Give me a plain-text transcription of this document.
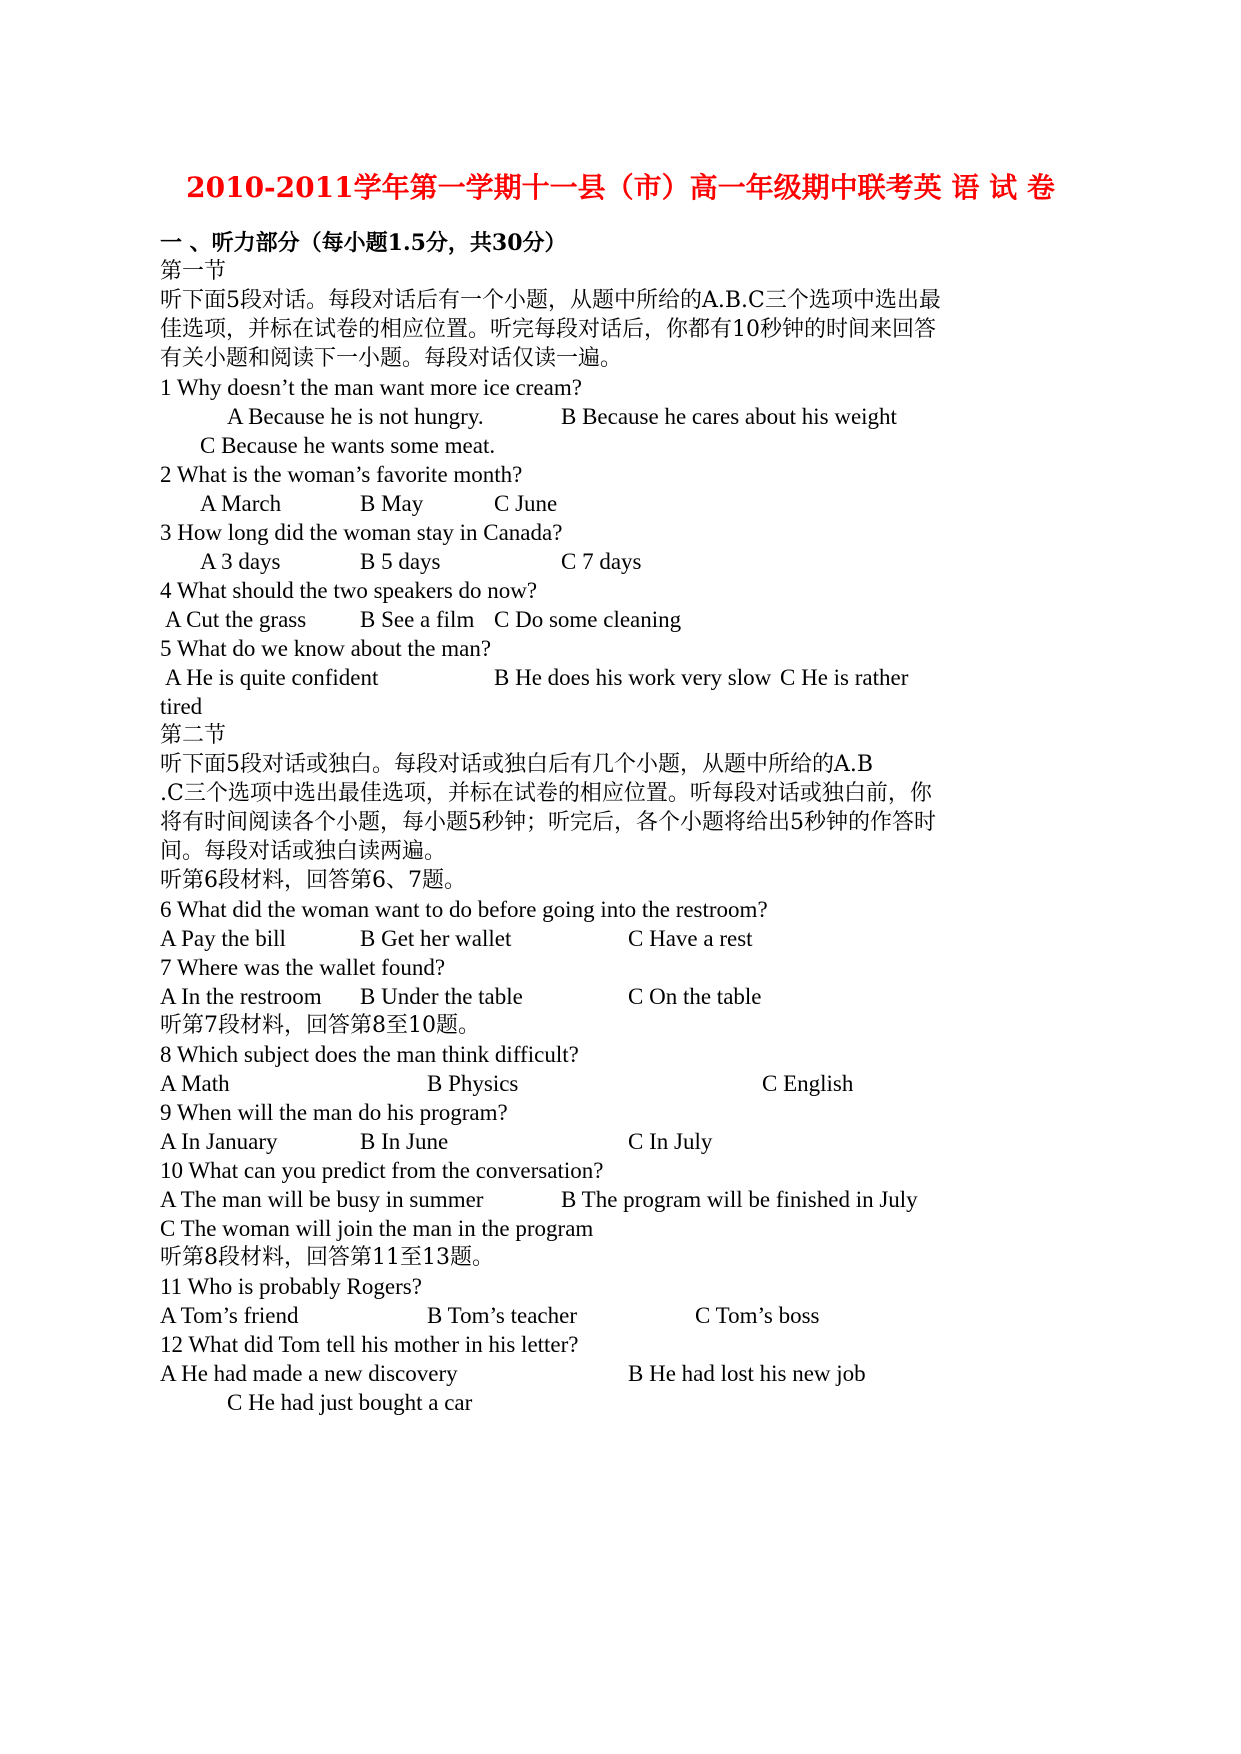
2010-2011学年第一学期十一县（市）高一年级期中联考英 语 试 卷
一 、听力部分（每小题1.5分，共30分）
第一节
听下面5段对话。每段对话后有一个小题，从题中所给的A.B.C三个选项中选出最
佳选项，并标在试卷的相应位置。听完每段对话后，你都有10秒钟的时间来回答
有关小题和阅读下一小题。每段对话仅读一遍。
1 Why doesn’t the man want more ice cream?
A Because he is not hungry.	B Because he cares about his weight
C Because he wants some meat.
2 What is the woman’s favorite month?
A March	B May	C June
3 How long did the woman stay in Canada?
A 3 days	B 5 days	C 7 days
4 What should the two speakers do now?
A Cut the grass B See a film C Do some cleaning
5 What do we know about the man?
A He is quite confident	B He does his work very slow C He is rather
tired
第二节
听下面5段对话或独白。每段对话或独白后有几个小题，从题中所给的A.B
.C三个选项中选出最佳选项，并标在试卷的相应位置。听每段对话或独白前，你
将有时间阅读各个小题，每小题5秒钟；听完后，各个小题将给出5秒钟的作答时
间。每段对话或独白读两遍。
听第6段材料，回答第6、7题。
6 What did the woman want to do before going into the restroom?
A Pay the bill	B Get her wallet	C Have a rest
7 Where was the wallet found?
A In the restroom B Under the table	C On the table
听第7段材料，回答第8至10题。
8 Which subject does the man think difficult?
A Math	B Physics	C English
9 When will the man do his program?
A In January	B In June	C In July
10 What can you predict from the conversation?
A The man will be busy in summer	B The program will be finished in July
C The woman will join the man in the program
听第8段材料，回答第11至13题。
11 Who is probably Rogers?
A Tom’s friend	B Tom’s teacher	C Tom’s boss
12 What did Tom tell his mother in his letter?
A He had made a new discovery	B He had lost his new job
C He had just bought a car
